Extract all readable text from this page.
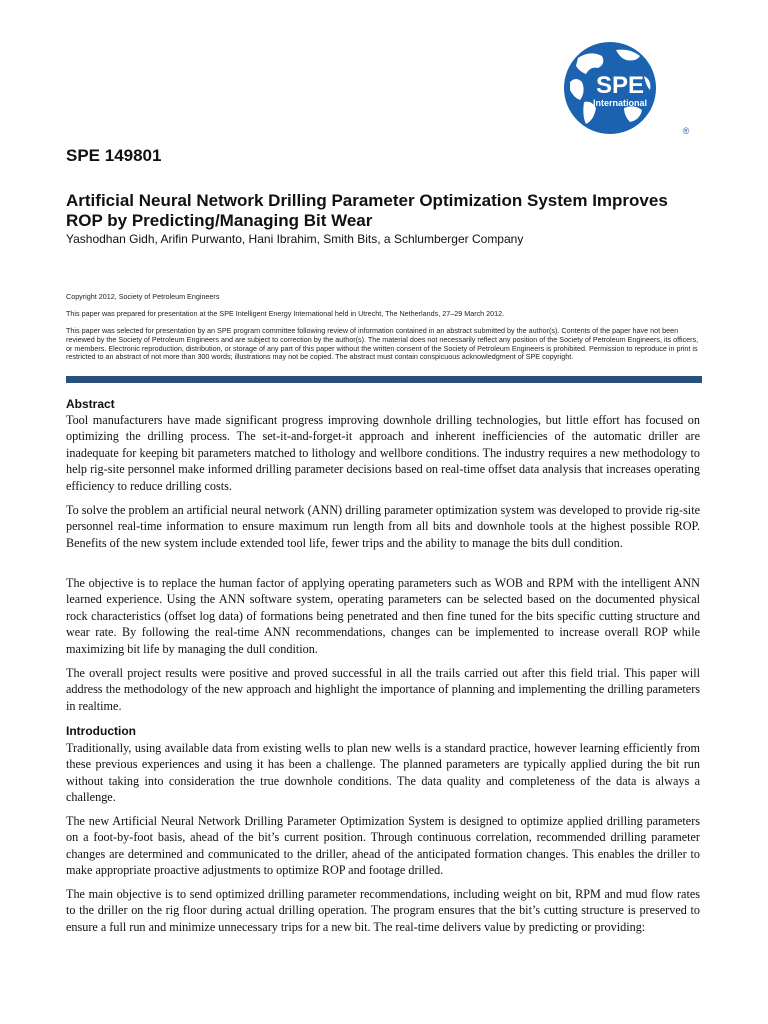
SPE
International
®
SPE 149801
Artificial Neural Network Drilling Parameter Optimization System Improves ROP by Predicting/Managing Bit Wear

Yashodhan Gidh, Arifin Purwanto, Hani Ibrahim, Smith Bits, a Schlumberger Company

Copyright 2012, Society of Petroleum Engineers

This paper was prepared for presentation at the SPE Intelligent Energy International held in Utrecht, The Netherlands, 27–29 March 2012.

This paper was selected for presentation by an SPE program committee following review of information contained in an abstract submitted by the author(s). Contents of the paper have not been reviewed by the Society of Petroleum Engineers and are subject to correction by the author(s). The material does not necessarily reflect any position of the Society of Petroleum Engineers, its officers, or members. Electronic reproduction, distribution, or storage of any part of this paper without the written consent of the Society of Petroleum Engineers is prohibited. Permission to reproduce in print is restricted to an abstract of not more than 300 words; illustrations may not be copied. The abstract must contain conspicuous acknowledgment of SPE copyright.

Abstract

Tool manufacturers have made significant progress improving downhole drilling technologies, but little effort has focused on optimizing the drilling process. The set-it-and-forget-it approach and inherent inefficiencies of the automatic driller are inadequate for keeping bit parameters matched to lithology and wellbore conditions. The industry requires a new methodology to help rig-site personnel make informed drilling parameter decisions based on real-time offset data analysis that increases operating efficiency to reduce drilling costs.

To solve the problem an artificial neural network (ANN) drilling parameter optimization system was developed to provide rig-site personnel real-time information to ensure maximum run length from all bits and downhole tools at the highest possible ROP. Benefits of the new system include extended tool life, fewer trips and the ability to manage the bits dull condition.

The objective is to replace the human factor of applying operating parameters such as WOB and RPM with the intelligent ANN learned experience. Using the ANN software system, operating parameters can be selected based on the documented physical rock characteristics (offset log data) of formations being penetrated and then fine tuned for the bits specific cutting structure and wear rate. By following the real-time ANN recommendations, changes can be implemented to increase overall ROP while maximizing bit life by managing the dull condition.

The overall project results were positive and proved successful in all the trails carried out after this field trial. This paper will address the methodology of the new approach and highlight the importance of planning and implementing the drilling parameters in realtime.

Introduction

Traditionally, using available data from existing wells to plan new wells is a standard practice, however learning efficiently from these previous experiences and using it has been a challenge. The planned parameters are typically applied during the bit run without taking into consideration the true downhole conditions. The data quality and completeness of the data is always a challenge.

The new Artificial Neural Network Drilling Parameter Optimization System is designed to optimize applied drilling parameters on a foot-by-foot basis, ahead of the bit’s current position. Through continuous correlation, recommended drilling parameter changes are determined and communicated to the driller, ahead of the anticipated formation changes. This enables the driller to make appropriate proactive adjustments to optimize ROP and footage drilled.

The main objective is to send optimized drilling parameter recommendations, including weight on bit, RPM and mud flow rates to the driller on the rig floor during actual drilling operation. The program ensures that the bit’s cutting structure is preserved to ensure a full run and minimize unnecessary trips for a new bit. The real-time delivers value by predicting or providing:
